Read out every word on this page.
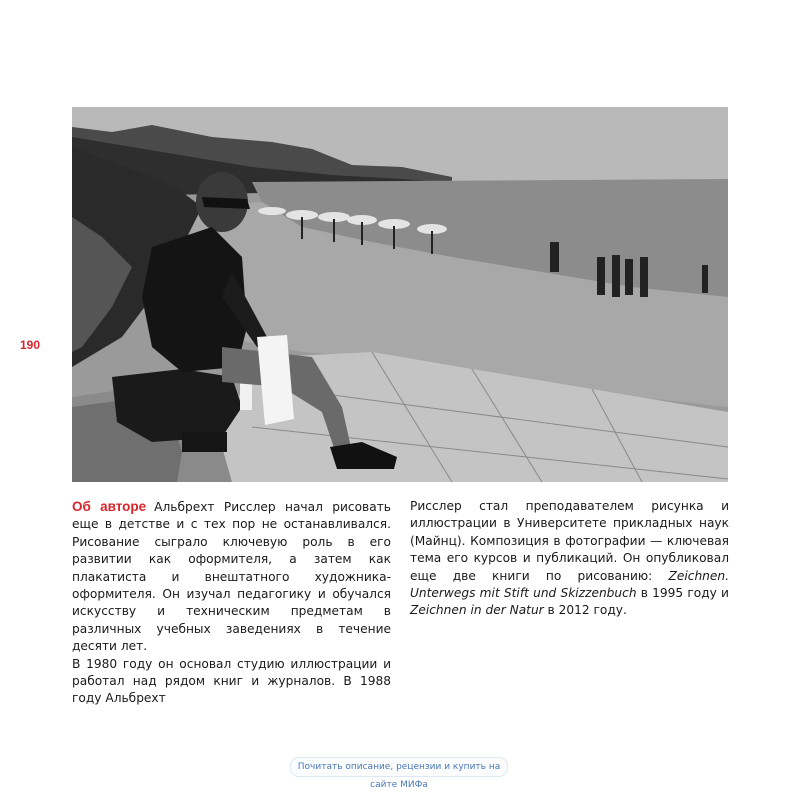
190

Об авторе Альбрехт Рисслер начал рисовать еще в детстве и с тех пор не останавливался. Рисование сыграло ключевую роль в его развитии как оформителя, а затем как плакатиста и внештатного художника-оформителя. Он изучал педагогику и обучался искусству и техническим предметам в различных учебных заведениях в течение десяти лет.

В 1980 году он основал студию иллюстрации и работал над рядом книг и журналов. В 1988 году Альбрехт

Рисслер стал преподавателем рисунка и иллюстрации в Университете прикладных наук (Майнц). Композиция в фотографии — ключевая тема его курсов и публикаций. Он опубликовал еще две книги по рисованию: Zeichnen. Unterwegs mit Stift und Skizzenbuch в 1995 году и Zeichnen in der Natur в 2012 году.

Почитать описание, рецензии и купить на сайте МИФа
